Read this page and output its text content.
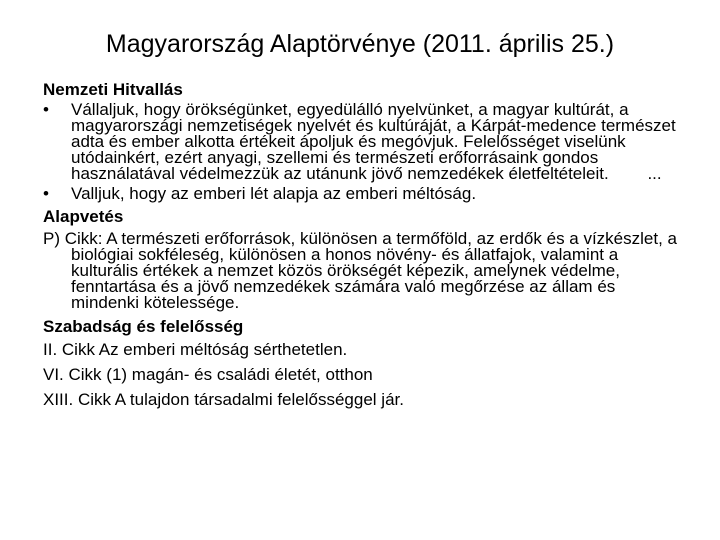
Magyarország Alaptörvénye (2011. április 25.)
Nemzeti Hitvallás
•	Vállaljuk, hogy örökségünket, egyedülálló nyelvünket, a magyar kultúrát, a magyarországi nemzetiségek nyelvét és kultúráját, a Kárpát-medence természet adta és ember alkotta értékeit ápoljuk és megóvjuk. Felelősséget viselünk utódainkért, ezért anyagi, szellemi és természeti erőforrásaink gondos használatával védelmezzük az utánunk jövő nemzedékek életfeltételeit. ...
•	Valljuk, hogy az emberi lét alapja az emberi méltóság.
Alapvetés
P) Cikk: A természeti erőforrások, különösen a termőföld, az erdők és a vízkészlet, a biológiai sokféleség, különösen a honos növény- és állatfajok, valamint a kulturális értékek a nemzet közös örökségét képezik, amelynek védelme, fenntartása és a jövő nemzedékek számára való megőrzése az állam és mindenki kötelessége.
Szabadság és felelősség
II. Cikk Az emberi méltóság sérthetetlen.
VI. Cikk (1) magán- és családi életét, otthon
XIII. Cikk A tulajdon társadalmi felelősséggel jár.
